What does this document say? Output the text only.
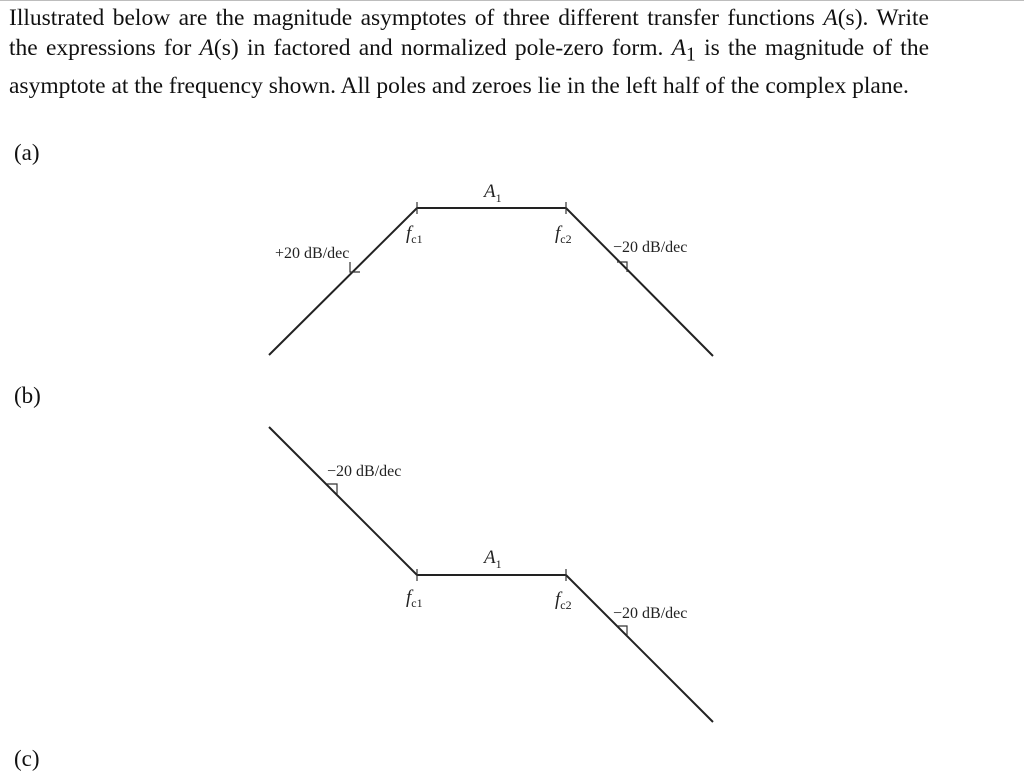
Illustrated below are the magnitude asymptotes of three different transfer functions A(s). Write the expressions for A(s) in factored and normalized pole-zero form. $A_1$ is the magnitude of the asymptote at the frequency shown. All poles and zeroes lie in the left half of the complex plane.

(a)
(b)
(c)
$A_1$
$f_{c1}$	$f_{c2}$
+20 dB/dec	−20 dB/dec
$A_1$
$f_{c1}$	$f_{c2}$
−20 dB/dec
−20 dB/dec
